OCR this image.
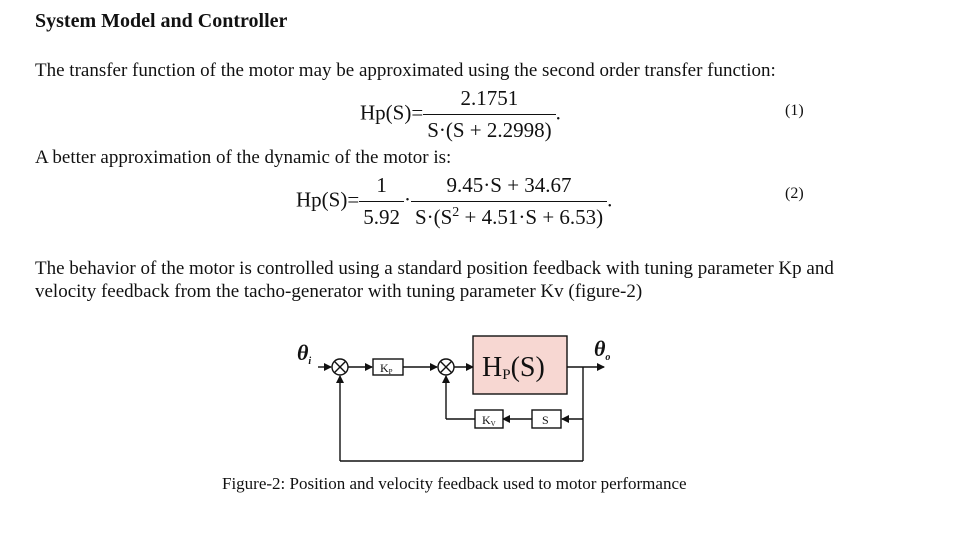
System Model and Controller
The transfer function of the motor may be approximated using the second order transfer function:
$Hp(S)= \frac{2.1751}{S\cdot(S + 2.2998)}$ .	(1)
A better approximation of the dynamic of the motor is:
$Hp(S)= \frac{1}{5.92} \cdot \frac{9.45\cdot S + 34.67}{S\cdot(S^2 + 4.51\cdot S + 6.53)}$ .	(2)
The behavior of the motor is controlled using a standard position feedback with tuning parameter Kp and
velocity feedback from the tacho-generator with tuning parameter Kv (figure-2)
θi
θo
KP	HP(S)
KV	S
Figure-2: Position and velocity feedback used to motor performance
